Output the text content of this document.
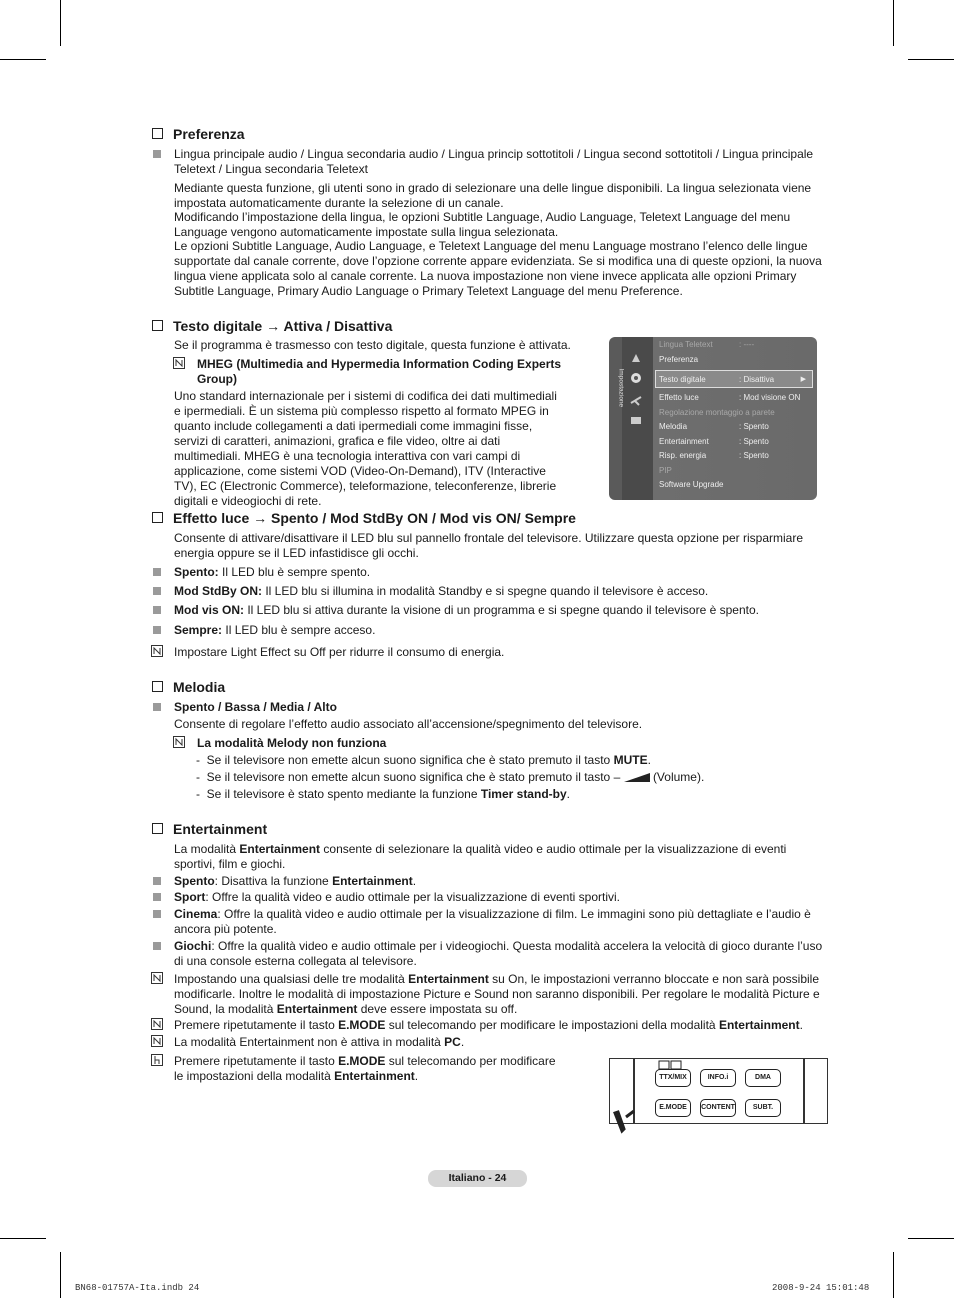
Preferenza
Lingua principale audio / Lingua secondaria audio / Lingua princip sottotitoli / Lingua second sottotitoli / Lingua principale Teletext / Lingua secondaria Teletext
Mediante questa funzione, gli utenti sono in grado di selezionare una delle lingue disponibili. La lingua selezionata viene impostata automaticamente durante la selezione di un canale.
Modificando l’impostazione della lingua, le opzioni Subtitle Language, Audio Language, Teletext Language del menu Language vengono automaticamente impostate sulla lingua selezionata.
Le opzioni Subtitle Language, Audio Language, e Teletext Language del menu Language mostrano l’elenco delle lingue supportate dal canale corrente, dove l’opzione corrente appare evidenziata. Se si modifica una di queste opzioni, la nuova lingua viene applicata solo al canale corrente. La nuova impostazione non viene invece applicata alle opzioni Primary Subtitle Language, Primary Audio Language o Primary Teletext Language del menu Preference.
Testo digitale → Attiva / Disattiva
Se il programma è trasmesso con testo digitale, questa funzione è attivata.
MHEG (Multimedia and Hypermedia Information Coding Experts Group)
Uno standard internazionale per i sistemi di codifica dei dati multimediali e ipermediali. È un sistema più complesso rispetto al formato MPEG in quanto include collegamenti a dati ipermediali come immagini fisse, servizi di caratteri, animazioni, grafica e file video, oltre ai dati multimediali. MHEG è una tecnologia interattiva con vari campi di applicazione, come sistemi VOD (Video-On-Demand), ITV (Interactive TV), EC (Electronic Commerce), teleformazione, teleconferenze, librerie digitali e videogiochi di rete.
Impostazione
Lingua Teletext	: ----
Preferenza
Testo digitale	: Disattiva	▶
Effetto luce	: Mod visione ON
Regolazione montaggio a parete
Melodia	: Spento
Entertainment	: Spento
Risp. energia	: Spento
PIP
Software Upgrade
Effetto luce → Spento / Mod StdBy ON / Mod vis ON/ Sempre
Consente di attivare/disattivare il LED blu sul pannello frontale del televisore. Utilizzare questa opzione per risparmiare energia oppure se il LED infastidisce gli occhi.
Spento: Il LED blu è sempre spento.
Mod StdBy ON: Il LED blu si illumina in modalità Standby e si spegne quando il televisore è acceso.
Mod vis ON: Il LED blu si attiva durante la visione di un programma e si spegne quando il televisore è spento.
Sempre: Il LED blu è sempre acceso.
Impostare Light Effect su Off per ridurre il consumo di energia.
Melodia
Spento / Bassa / Media / Alto
Consente di regolare l’effetto audio associato all’accensione/spegnimento del televisore.
La modalità Melody non funziona
-  Se il televisore non emette alcun suono significa che è stato premuto il tasto MUTE.
-  Se il televisore non emette alcun suono significa che è stato premuto il tasto –	(Volume).
-  Se il televisore è stato spento mediante la funzione Timer stand-by.
Entertainment
La modalità Entertainment consente di selezionare la qualità video e audio ottimale per la visualizzazione di eventi sportivi, film e giochi.
Spento: Disattiva la funzione Entertainment.
Sport: Offre la qualità video e audio ottimale per la visualizzazione di eventi sportivi.
Cinema: Offre la qualità video e audio ottimale per la visualizzazione di film. Le immagini sono più dettagliate e l’audio è ancora più potente.
Giochi: Offre la qualità video e audio ottimale per i videogiochi. Questa modalità accelera la velocità di gioco durante l’uso di una console esterna collegata al televisore.
Impostando una qualsiasi delle tre modalità Entertainment su On, le impostazioni verranno bloccate e non sarà possibile modificarle. Inoltre le modalità di impostazione Picture e Sound non saranno disponibili. Per regolare le modalità Picture e Sound, la modalità Entertainment deve essere impostata su off.
Premere ripetutamente il tasto E.MODE sul telecomando per modificare le impostazioni della modalità Entertainment.
La modalità Entertainment non è attiva in modalità PC.
Premere ripetutamente il tasto E.MODE sul telecomando per modificare le impostazioni della modalità Entertainment.	TTX/MIX	INFO.i	DMA
E.MODE	CONTENT	SUBT.
Italiano - 24
BN68-01757A-Ita.indb 24	2008-9-24 15:01:48
